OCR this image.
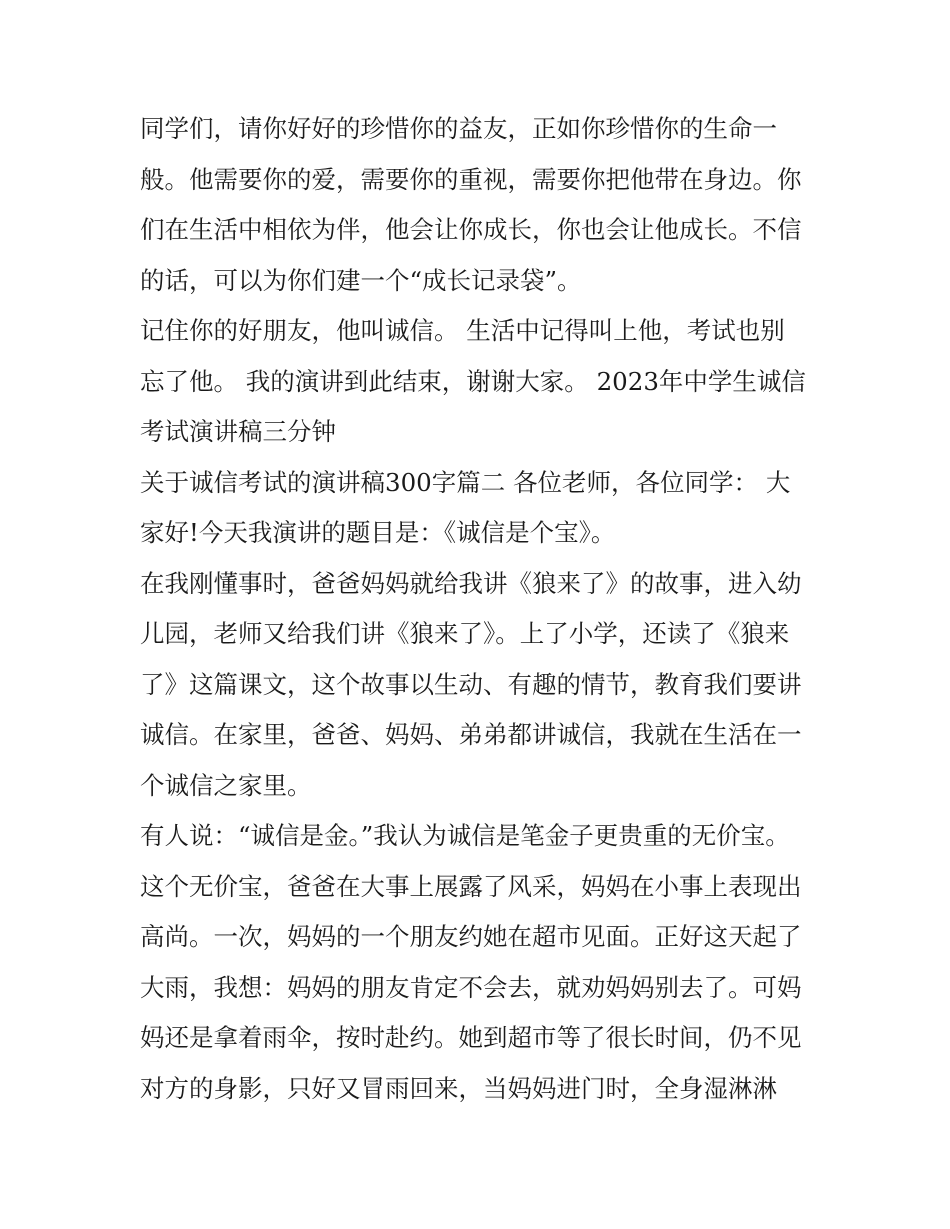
同学们，请你好好的珍惜你的益友，正如你珍惜你的生命一
般。他需要你的爱，需要你的重视，需要你把他带在身边。你
们在生活中相依为伴，他会让你成长，你也会让他成长。不信
的话，可以为你们建一个“成长记录袋”。
记住你的好朋友，他叫诚信。 生活中记得叫上他，考试也别
忘了他。 我的演讲到此结束，谢谢大家。 2023年中学生诚信
考试演讲稿三分钟
关于诚信考试的演讲稿300字篇二 各位老师，各位同学： 大
家好!今天我演讲的题目是：《诚信是个宝》。
在我刚懂事时，爸爸妈妈就给我讲《狼来了》的故事，进入幼
儿园，老师又给我们讲《狼来了》。上了小学，还读了《狼来
了》这篇课文，这个故事以生动、有趣的情节，教育我们要讲
诚信。在家里，爸爸、妈妈、弟弟都讲诚信，我就在生活在一
个诚信之家里。
有人说：“诚信是金。”我认为诚信是笔金子更贵重的无价宝。
这个无价宝，爸爸在大事上展露了风采，妈妈在小事上表现出
高尚。一次，妈妈的一个朋友约她在超市见面。正好这天起了
大雨，我想：妈妈的朋友肯定不会去，就劝妈妈别去了。可妈
妈还是拿着雨伞，按时赴约。她到超市等了很长时间，仍不见
对方的身影，只好又冒雨回来，当妈妈进门时，全身湿淋淋
